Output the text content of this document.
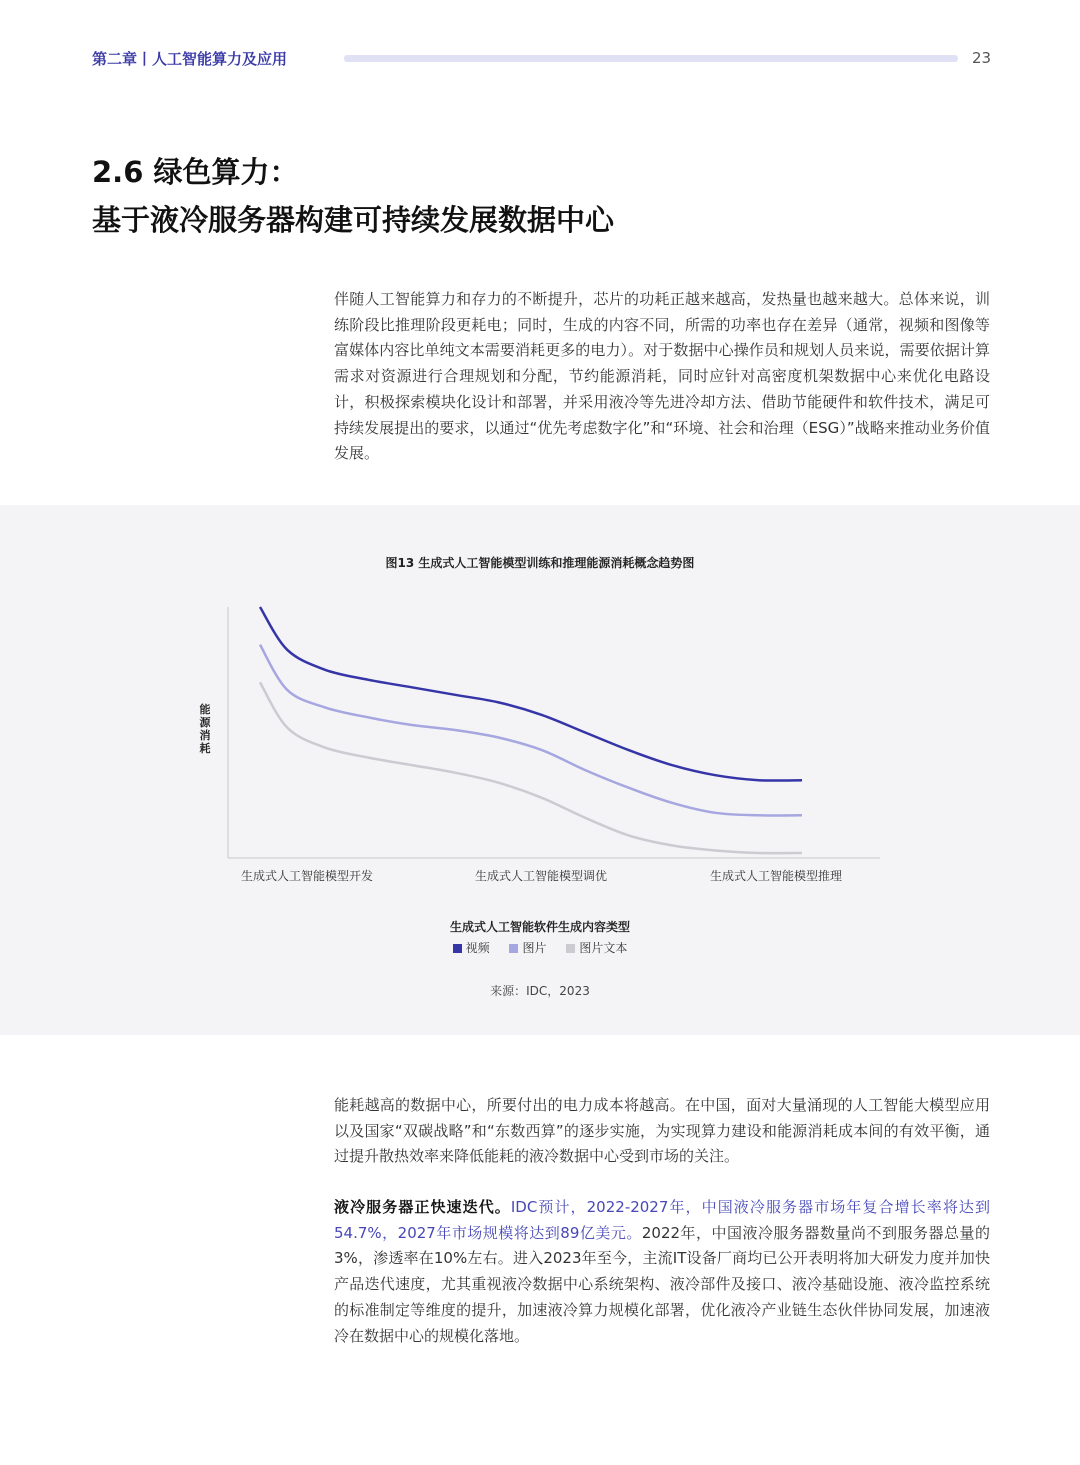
第二章丨人工智能算力及应用	23
2.6 绿色算力：
基于液冷服务器构建可持续发展数据中心

伴随人工智能算力和存力的不断提升，芯片的功耗正越来越高，发热量也越来越大。总体来说，训练阶段比推理阶段更耗电；同时，生成的内容不同，所需的功率也存在差异（通常，视频和图像等富媒体内容比单纯文本需要消耗更多的电力）。对于数据中心操作员和规划人员来说，需要依据计算需求对资源进行合理规划和分配，节约能源消耗，同时应针对高密度机架数据中心来优化电路设计，积极探索模块化设计和部署，并采用液冷等先进冷却方法、借助节能硬件和软件技术，满足可持续发展提出的要求，以通过“优先考虑数字化”和“环境、社会和治理（ESG）”战略来推动业务价值发展。

图13 生成式人工智能模型训练和推理能源消耗概念趋势图
能源消耗
生成式人工智能模型开发	生成式人工智能模型调优	生成式人工智能模型推理
生成式人工智能软件生成内容类型
视频	图片	图片文本
来源：IDC，2023

能耗越高的数据中心，所要付出的电力成本将越高。在中国，面对大量涌现的人工智能大模型应用以及国家“双碳战略”和“东数西算”的逐步实施，为实现算力建设和能源消耗成本间的有效平衡，通过提升散热效率来降低能耗的液冷数据中心受到市场的关注。

液冷服务器正快速迭代。IDC预计，2022-2027年，中国液冷服务器市场年复合增长率将达到54.7%，2027年市场规模将达到89亿美元。2022年，中国液冷服务器数量尚不到服务器总量的3%，渗透率在10%左右。进入2023年至今，主流IT设备厂商均已公开表明将加大研发力度并加快产品迭代速度，尤其重视液冷数据中心系统架构、液冷部件及接口、液冷基础设施、液冷监控系统的标准制定等维度的提升，加速液冷算力规模化部署，优化液冷产业链生态伙伴协同发展，加速液冷在数据中心的规模化落地。
